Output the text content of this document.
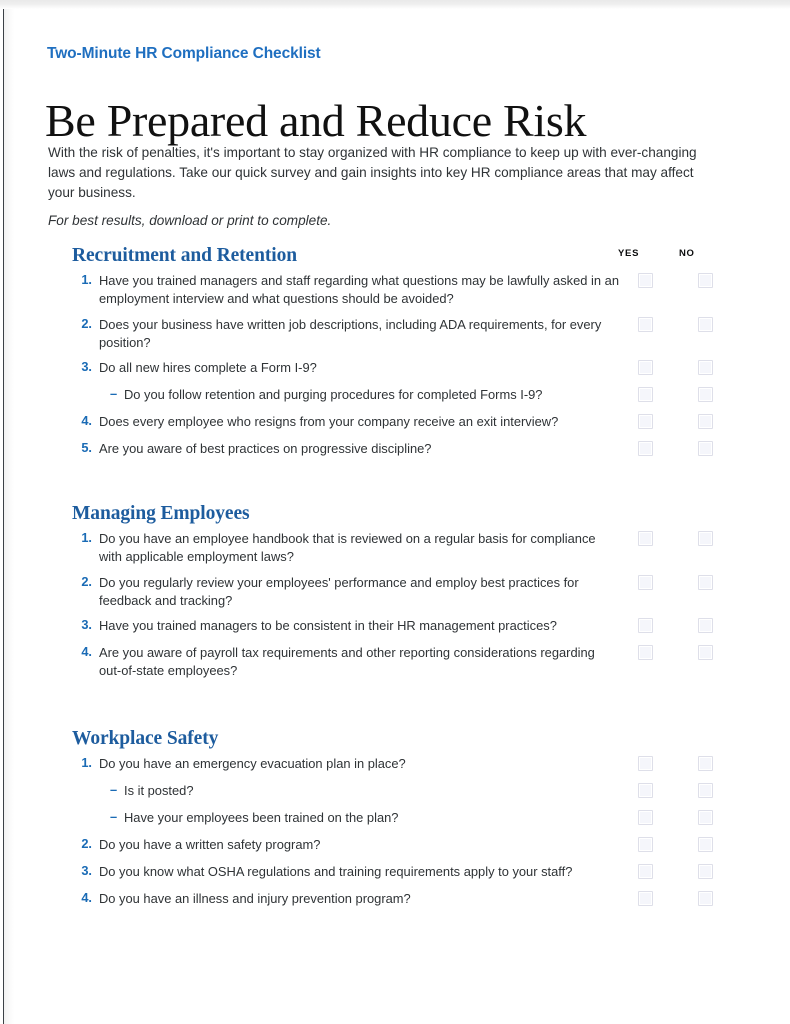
Two-Minute HR Compliance Checklist
Be Prepared and Reduce Risk

With the risk of penalties, it's important to stay organized with HR compliance to keep up with ever-changing laws and regulations. Take our quick survey and gain insights into key HR compliance areas that may affect your business.

For best results, download or print to complete.

YES	NO
Recruitment and Retention
1. Have you trained managers and staff regarding what questions may be lawfully asked in an employment interview and what questions should be avoided?
2. Does your business have written job descriptions, including ADA requirements, for every position?
3. Do all new hires complete a Form I-9?
– Do you follow retention and purging procedures for completed Forms I-9?
4. Does every employee who resigns from your company receive an exit interview?
5. Are you aware of best practices on progressive discipline?
Managing Employees
1. Do you have an employee handbook that is reviewed on a regular basis for compliance with applicable employment laws?
2. Do you regularly review your employees' performance and employ best practices for feedback and tracking?
3. Have you trained managers to be consistent in their HR management practices?
4. Are you aware of payroll tax requirements and other reporting considerations regarding out-of-state employees?
Workplace Safety
1. Do you have an emergency evacuation plan in place?
– Is it posted?
– Have your employees been trained on the plan?
2. Do you have a written safety program?
3. Do you know what OSHA regulations and training requirements apply to your staff?
4. Do you have an illness and injury prevention program?
